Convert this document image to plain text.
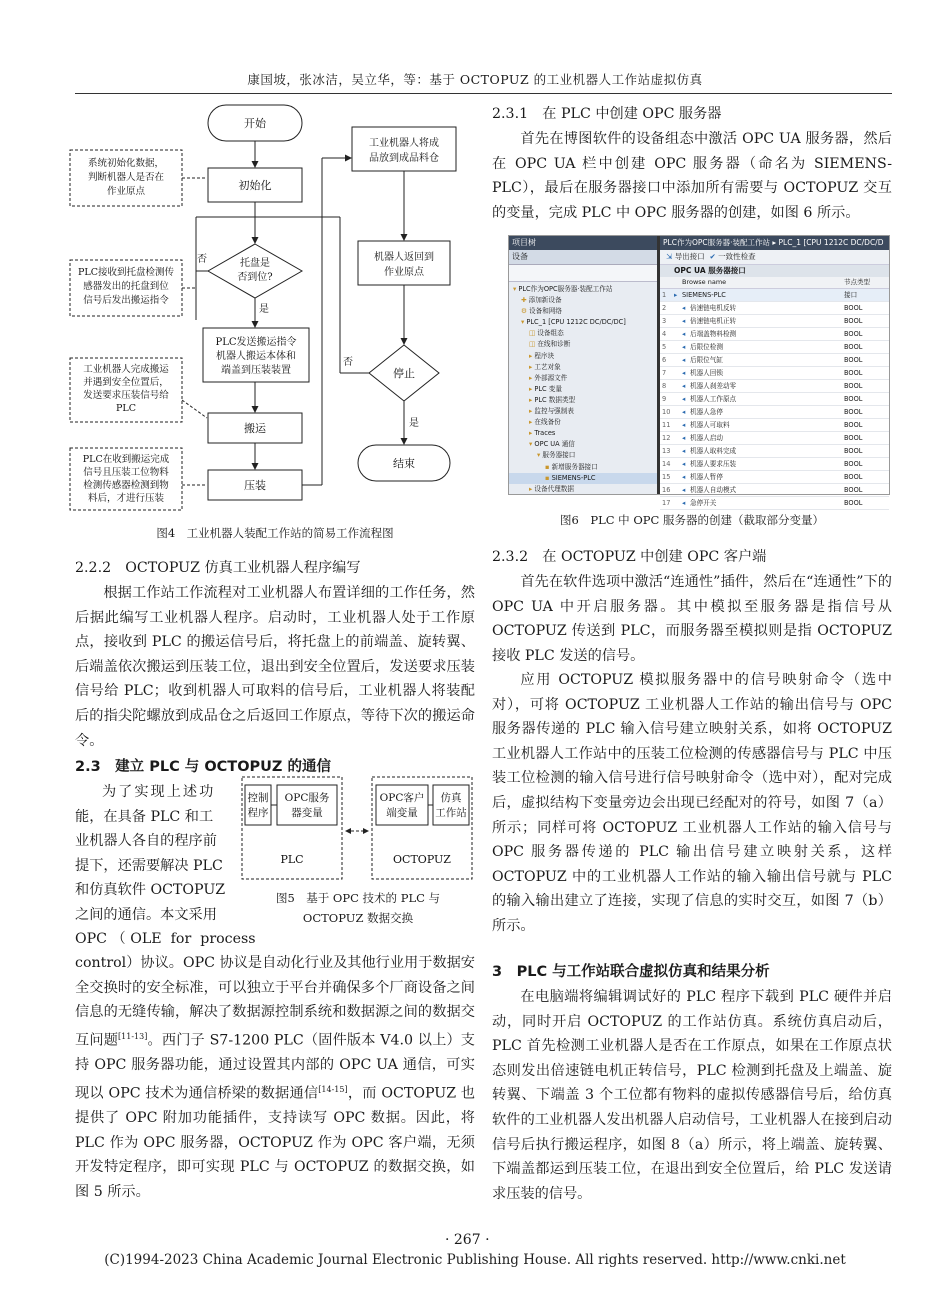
康国坡，张冰洁，吴立华，等：基于 OCTOPUZ 的工业机器人工作站虚拟仿真
开始
初始化
托盘是
否到位?
否
是
PLC发送搬运指令
机器人搬运本体和
端盖到压装装置
搬运
压装
工业机器人将成
品放到成品料仓
机器人返回到
作业原点
停止
否
是
结束
系统初始化数据，
判断机器人是否在
作业原点
PLC接收到托盘检测传
感器发出的托盘到位
信号后发出搬运指令
工业机器人完成搬运
并遇到安全位置后，
发送要求压装信号给
PLC
PLC在收到搬运完成
信号且压装工位物料
检测传感器检测到物
料后，才进行压装
图4　工业机器人装配工作站的简易工作流程图
2.2.2　OCTOPUZ 仿真工业机器人程序编写

根据工作站工作流程对工业机器人布置详细的工作任务，然后据此编写工业机器人程序。启动时，工业机器人处于工作原点，接收到 PLC 的搬运信号后，将托盘上的前端盖、旋转翼、后端盖依次搬运到压装工位，退出到安全位置后，发送要求压装信号给 PLC；收到机器人可取料的信号后，工业机器人将装配后的指尖陀螺放到成品仓之后返回工作原点，等待下次的搬运命令。

2.3　建立 PLC 与 OCTOPUZ 的通信
为了实现上述功
能，在具备 PLC 和工
业机器人各自的程序前
提下，还需要解决 PLC
和仿真软件 OCTOPUZ
之间的通信。本文采用
OPC （ OLE  for  process

control）协议。OPC 协议是自动化行业及其他行业用于数据安全交换时的安全标准，可以独立于平台并确保多个厂商设备之间信息的无缝传输，解决了数据源控制系统和数据源之间的数据交互问题[11-13]。西门子 S7-1200 PLC（固件版本 V4.0 以上）支持 OPC 服务器功能，通过设置其内部的 OPC UA 通信，可实现以 OPC 技术为通信桥梁的数据通信[14-15]，而 OCTOPUZ 也提供了 OPC 附加功能插件，支持读写 OPC 数据。因此，将 PLC 作为 OPC 服务器，OCTOPUZ 作为 OPC 客户端，无须开发特定程序，即可实现 PLC 与 OCTOPUZ 的数据交换，如图 5 所示。

控制
程序
OPC服务
器变量
OPC客户
端变量
仿真
工作站
PLC	OCTOPUZ
图5　基于 OPC 技术的 PLC 与
OCTOPUZ 数据交换
2.3.1　在 PLC 中创建 OPC 服务器

首先在博图软件的设备组态中激活 OPC UA 服务器，然后在 OPC UA 栏中创建 OPC 服务器（命名为 SIEMENS-PLC），最后在服务器接口中添加所有需要与 OCTOPUZ 交互的变量，完成 PLC 中 OPC 服务器的创建，如图 6 所示。

项目树
设备
▾ PLC作为OPC服务器·装配工作站
✚ 添加新设备
⚙ 设备和网络
▾ PLC_1 [CPU 1212C DC/DC/DC]
◫ 设备组态
◫ 在线和诊断
▸ 程序块
▸ 工艺对象
▸ 外部源文件
▸ PLC 变量
▸ PLC 数据类型
▸ 监控与强制表
▸ 在线备份
▸ Traces
▾ OPC UA 通信
▾ 服务器接口
▪ 新增服务器接口
▪ SIEMENS-PLC
▸ 设备代理数据
PLC作为OPC服务器·装配工作站 ▸ PLC_1 [CPU 1212C DC/DC/D
⇲ 导出接口 ✔ 一致性检查
OPC UA 服务器接口
Browse name	节点类型
1 ▸ SIEMENS-PLC	接口
2 ◂ 倍速链电机反转	BOOL
3 ◂ 倍速链电机正转	BOOL
4 ◂ 后端盖物料检测	BOOL
5 ◂ 后限位检测	BOOL
6 ◂ 后限位气缸	BOOL
7 ◂ 机器人回锁	BOOL
8 ◂ 机器人刹差动零	BOOL
9 ◂ 机器人工作原点	BOOL
10 ◂ 机器人急停	BOOL
11 ◂ 机器人可取料	BOOL
12 ◂ 机器人启动	BOOL
13 ◂ 机器人取料完成	BOOL
14 ◂ 机器人要求压装	BOOL
15 ◂ 机器人暂停	BOOL
16 ◂ 机器人自动模式	BOOL
17 ◂ 急停开关	BOOL
图6　PLC 中 OPC 服务器的创建（截取部分变量）
2.3.2　在 OCTOPUZ 中创建 OPC 客户端

首先在软件选项中激活“连通性”插件，然后在“连通性”下的 OPC UA 中开启服务器。其中模拟至服务器是指信号从 OCTOPUZ 传送到 PLC，而服务器至模拟则是指 OCTOPUZ 接收 PLC 发送的信号。

应用 OCTOPUZ 模拟服务器中的信号映射命令（选中对），可将 OCTOPUZ 工业机器人工作站的输出信号与 OPC 服务器传递的 PLC 输入信号建立映射关系，如将 OCTOPUZ 工业机器人工作站中的压装工位检测的传感器信号与 PLC 中压装工位检测的输入信号进行信号映射命令（选中对），配对完成后，虚拟结构下变量旁边会出现已经配对的符号，如图 7（a）所示；同样可将 OCTOPUZ 工业机器人工作站的输入信号与 OPC 服务器传递的 PLC 输出信号建立映射关系，这样 OCTOPUZ 中的工业机器人工作站的输入输出信号就与 PLC 的输入输出建立了连接，实现了信息的实时交互，如图 7（b）所示。

3　PLC 与工作站联合虚拟仿真和结果分析

在电脑端将编辑调试好的 PLC 程序下载到 PLC 硬件并启动，同时开启 OCTOPUZ 的工作站仿真。系统仿真启动后，PLC 首先检测工业机器人是否在工作原点，如果在工作原点状态则发出倍速链电机正转信号，PLC 检测到托盘及上端盖、旋转翼、下端盖 3 个工位都有物料的虚拟传感器信号后，给仿真软件的工业机器人发出机器人启动信号，工业机器人在接到启动信号后执行搬运程序，如图 8（a）所示，将上端盖、旋转翼、下端盖都运到压装工位，在退出到安全位置后，给 PLC 发送请求压装的信号。

(C)1994-2023 China Academic Journal Electronic Publishing House. All rights reserved. http://www.cnki.net
· 267 ·
